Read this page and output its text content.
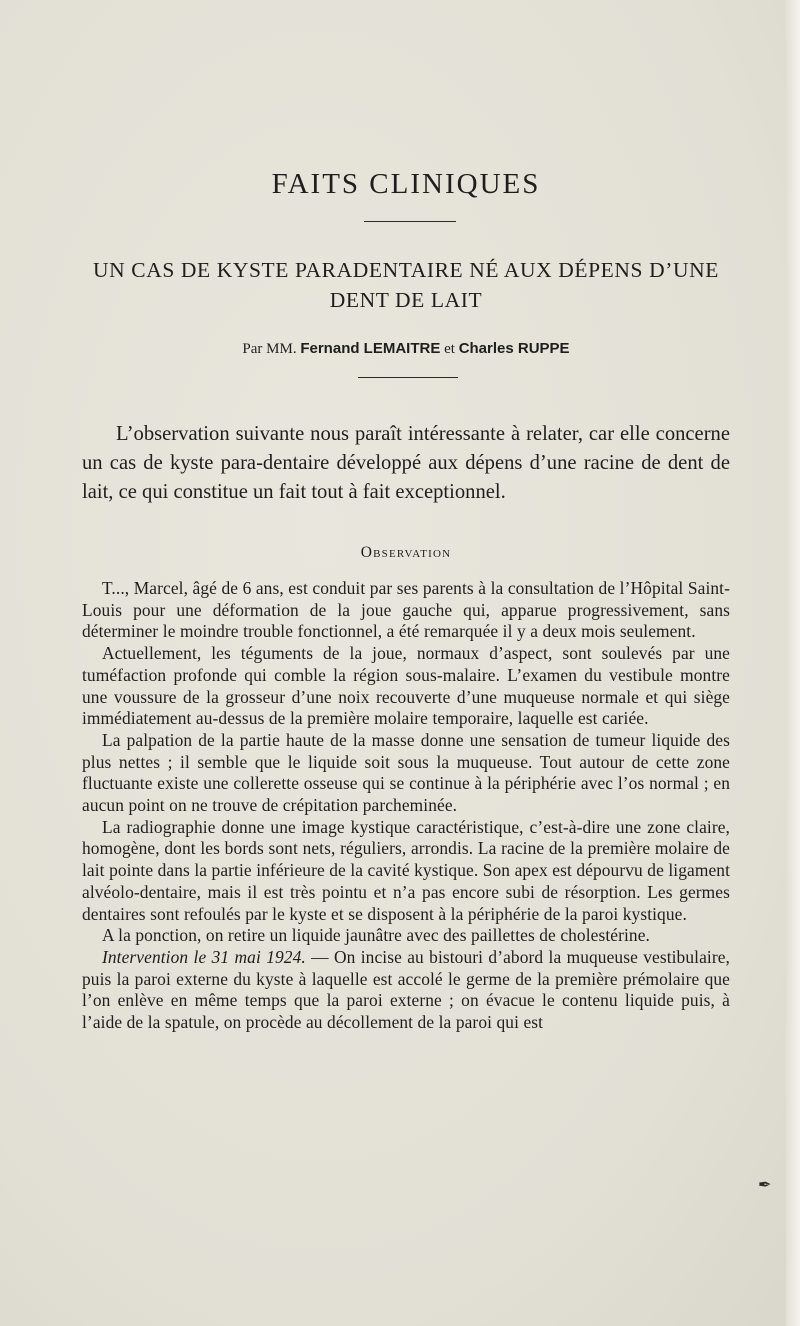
FAITS CLINIQUES
UN CAS DE KYSTE PARADENTAIRE NÉ AUX DÉPENS D’UNE DENT DE LAIT

Par MM. Fernand LEMAITRE et Charles RUPPE

L’observation suivante nous paraît intéressante à relater, car elle concerne un cas de kyste para-dentaire développé aux dépens d’une racine de dent de lait, ce qui constitue un fait tout à fait exceptionnel.

Observation

T..., Marcel, âgé de 6 ans, est conduit par ses parents à la consultation de l’Hôpital Saint-Louis pour une déformation de la joue gauche qui, apparue progressivement, sans déterminer le moindre trouble fonctionnel, a été remarquée il y a deux mois seulement.

Actuellement, les téguments de la joue, normaux d’aspect, sont soulevés par une tuméfaction profonde qui comble la région sous-malaire. L’examen du vestibule montre une voussure de la grosseur d’une noix recouverte d’une muqueuse normale et qui siège immédiatement au-dessus de la première molaire temporaire, laquelle est cariée.

La palpation de la partie haute de la masse donne une sensation de tumeur liquide des plus nettes ; il semble que le liquide soit sous la muqueuse. Tout autour de cette zone fluctuante existe une collerette osseuse qui se continue à la périphérie avec l’os normal ; en aucun point on ne trouve de crépitation parcheminée.

La radiographie donne une image kystique caractéristique, c’est-à-dire une zone claire, homogène, dont les bords sont nets, réguliers, arrondis. La racine de la première molaire de lait pointe dans la partie inférieure de la cavité kystique. Son apex est dépourvu de ligament alvéolo-dentaire, mais il est très pointu et n’a pas encore subi de résorption. Les germes dentaires sont refoulés par le kyste et se disposent à la périphérie de la paroi kystique.

A la ponction, on retire un liquide jaunâtre avec des paillettes de cholestérine.

Intervention le 31 mai 1924. — On incise au bistouri d’abord la muqueuse vestibulaire, puis la paroi externe du kyste à laquelle est accolé le germe de la première prémolaire que l’on enlève en même temps que la paroi externe ; on évacue le contenu liquide puis, à l’aide de la spatule, on procède au décollement de la paroi qui est

✒
